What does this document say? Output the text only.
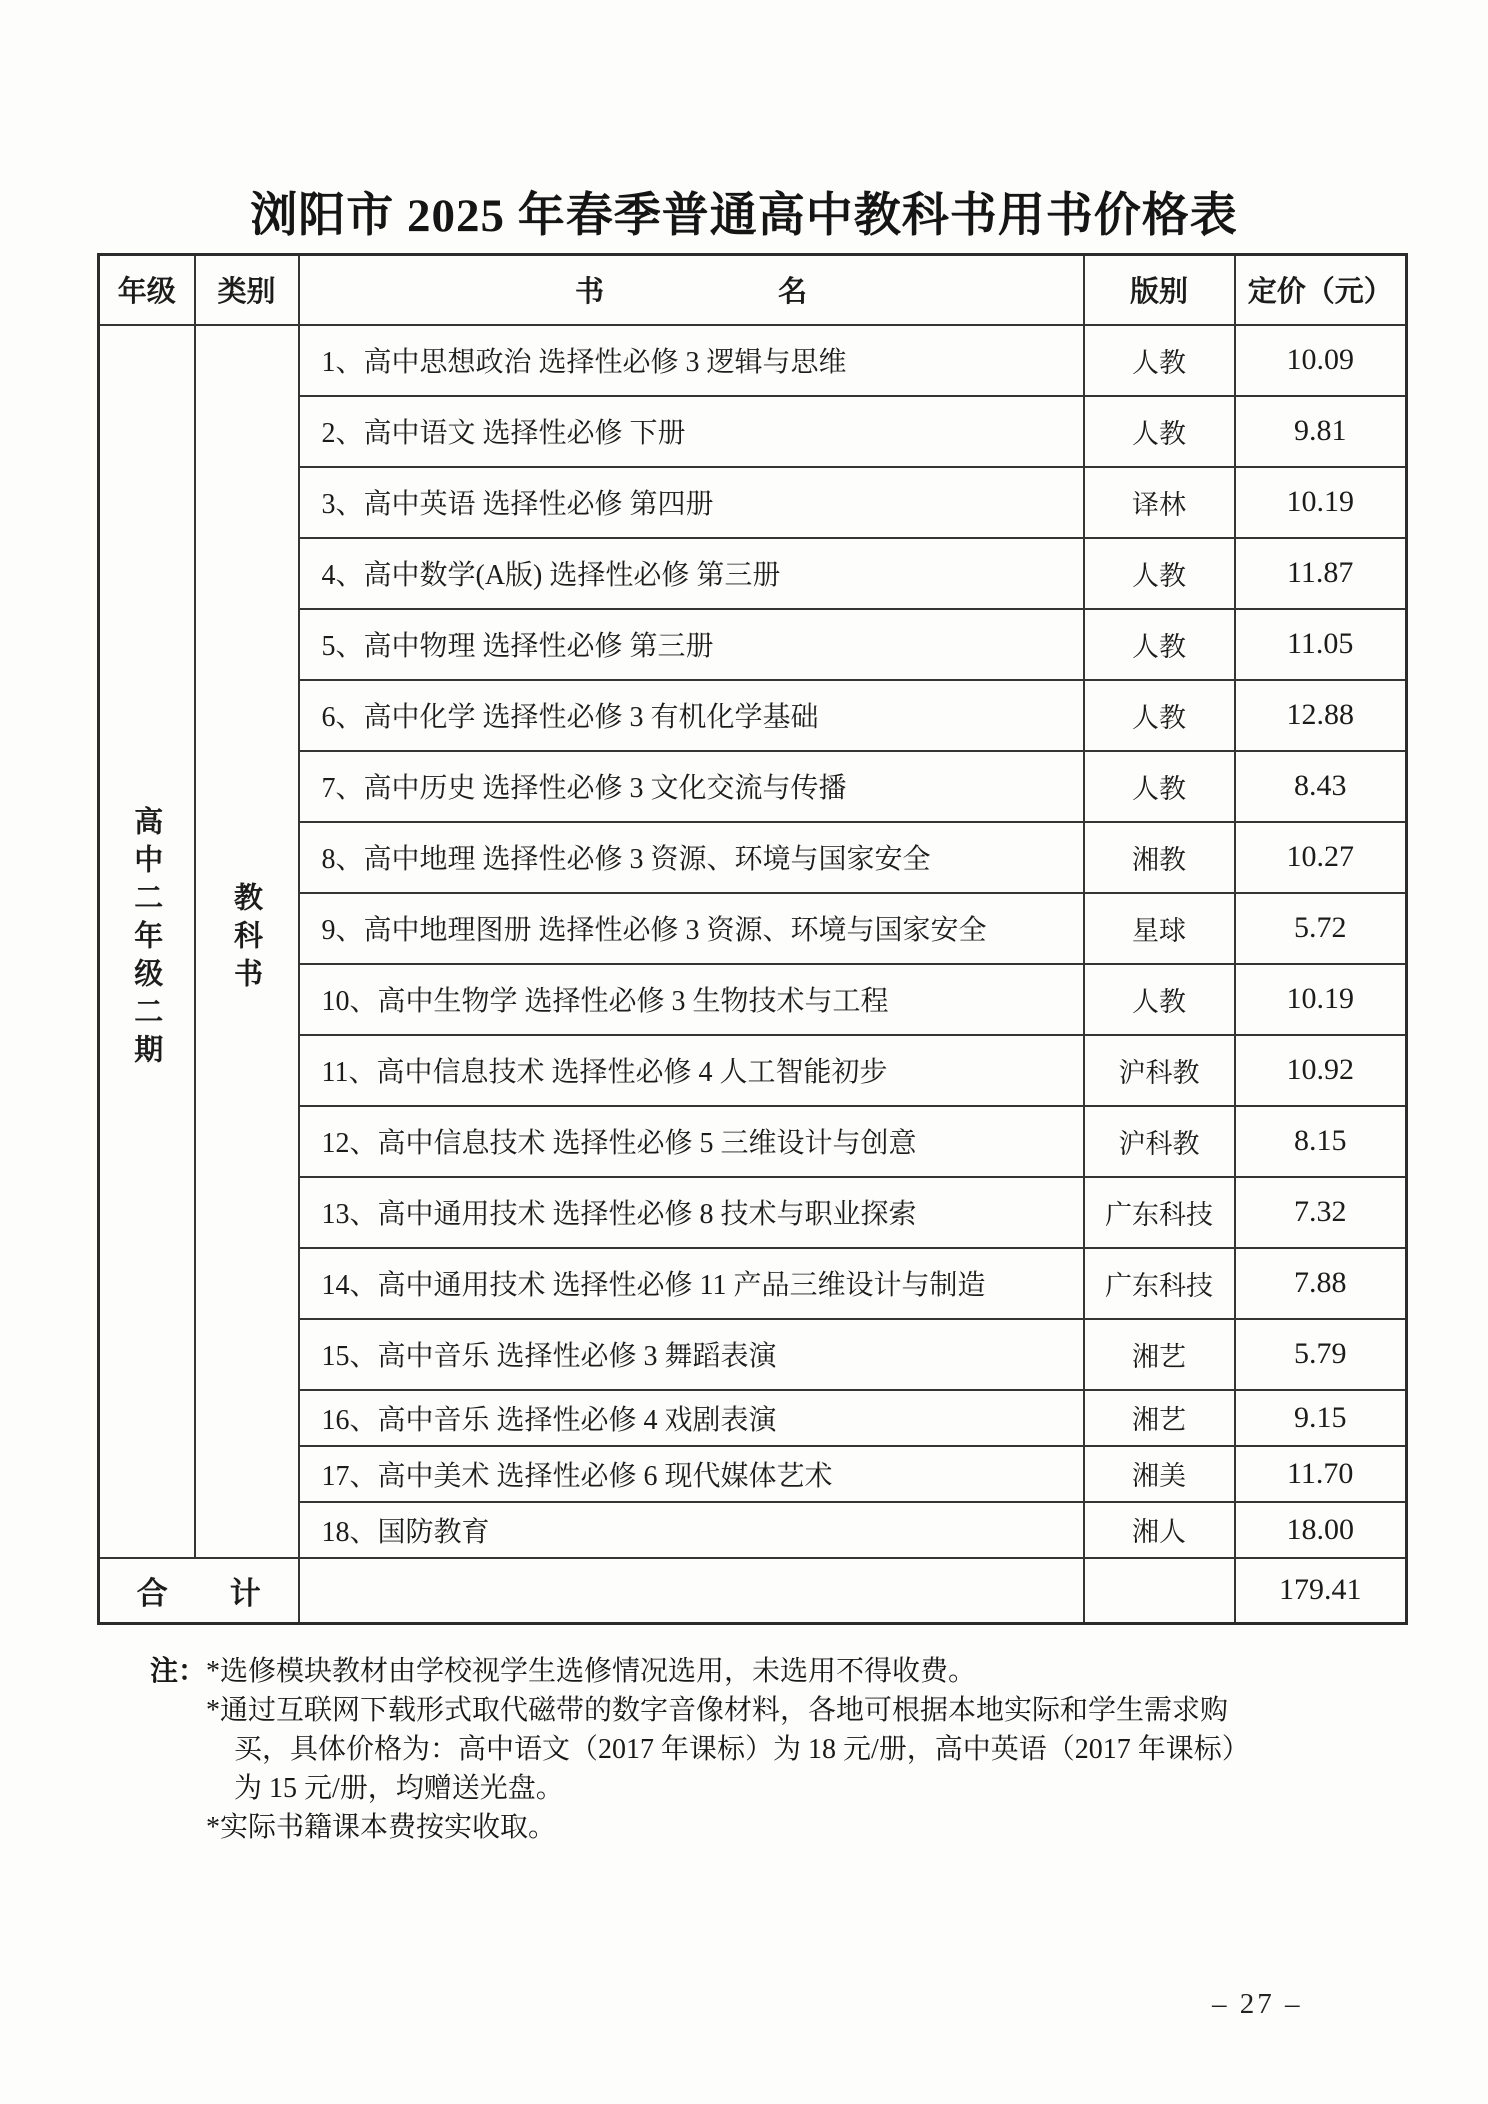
浏阳市 2025 年春季普通高中教科书用书价格表
年级	类别	书　　　　　　名	版别	定价（元）
高中二年级二期	教科书	1、高中思想政治 选择性必修 3 逻辑与思维	人教	10.09
		2、高中语文 选择性必修 下册	人教	9.81
		3、高中英语 选择性必修 第四册	译林	10.19
		4、高中数学(A版) 选择性必修 第三册	人教	11.87
		5、高中物理 选择性必修 第三册	人教	11.05
		6、高中化学 选择性必修 3 有机化学基础	人教	12.88
		7、高中历史 选择性必修 3 文化交流与传播	人教	8.43
		8、高中地理 选择性必修 3 资源、环境与国家安全	湘教	10.27
		9、高中地理图册 选择性必修 3 资源、环境与国家安全	星球	5.72
		10、高中生物学 选择性必修 3 生物技术与工程	人教	10.19
		11、高中信息技术 选择性必修 4 人工智能初步	沪科教	10.92
		12、高中信息技术 选择性必修 5 三维设计与创意	沪科教	8.15
		13、高中通用技术 选择性必修 8 技术与职业探索	广东科技	7.32
		14、高中通用技术 选择性必修 11 产品三维设计与制造	广东科技	7.88
		15、高中音乐 选择性必修 3 舞蹈表演	湘艺	5.79
		16、高中音乐 选择性必修 4 戏剧表演	湘艺	9.15
		17、高中美术 选择性必修 6 现代媒体艺术	湘美	11.70
		18、国防教育	湘人	18.00
合　　计				179.41
注： *选修模块教材由学校视学生选修情况选用，未选用不得收费。

*通过互联网下载形式取代磁带的数字音像材料，各地可根据本地实际和学生需求购买，具体价格为：高中语文（2017 年课标）为 18 元/册，高中英语（2017 年课标）为 15 元/册，均赠送光盘。

*实际书籍课本费按实收取。

– 27 –
